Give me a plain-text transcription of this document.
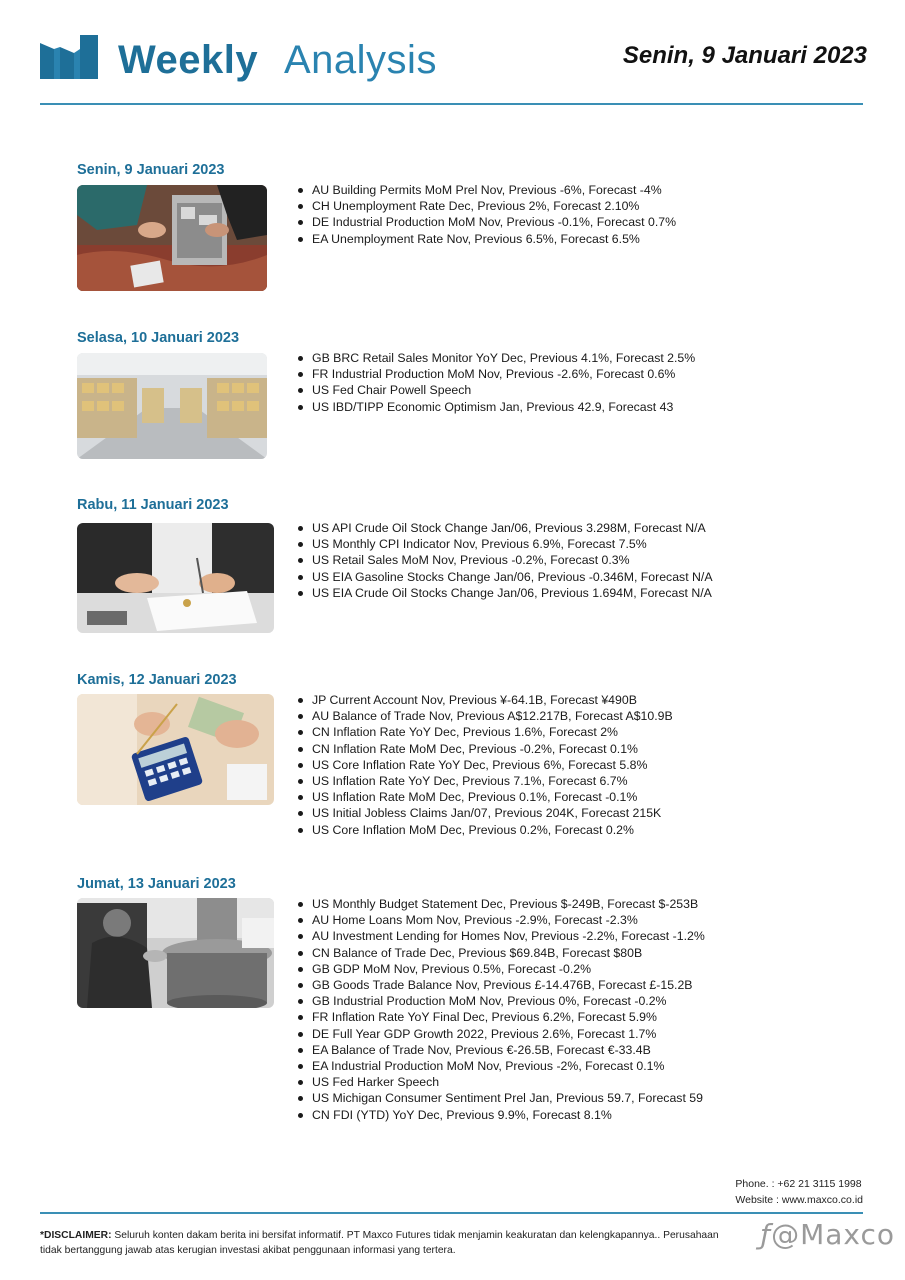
Weekly Analysis	Senin, 9 Januari 2023
Senin, 9 Januari 2023
AU Building Permits MoM Prel Nov, Previous -6%, Forecast -4%
CH Unemployment Rate Dec, Previous 2%, Forecast 2.10%
DE Industrial Production MoM Nov, Previous -0.1%, Forecast 0.7%
EA Unemployment Rate Nov, Previous 6.5%, Forecast 6.5%
Selasa, 10 Januari 2023
GB BRC Retail Sales Monitor YoY Dec, Previous 4.1%, Forecast 2.5%
FR Industrial Production MoM Nov, Previous -2.6%, Forecast 0.6%
US Fed Chair Powell Speech
US IBD/TIPP Economic Optimism Jan, Previous 42.9, Forecast 43
Rabu, 11 Januari 2023
US API Crude Oil Stock Change Jan/06, Previous 3.298M, Forecast N/A
US Monthly CPI Indicator Nov, Previous 6.9%, Forecast 7.5%
US Retail Sales MoM Nov, Previous -0.2%, Forecast 0.3%
US EIA Gasoline Stocks Change Jan/06, Previous -0.346M, Forecast N/A
US EIA Crude Oil Stocks Change Jan/06, Previous 1.694M, Forecast N/A
Kamis, 12 Januari 2023
JP Current Account Nov, Previous ¥-64.1B, Forecast ¥490B
AU Balance of Trade Nov, Previous A$12.217B, Forecast A$10.9B
CN Inflation Rate YoY Dec, Previous 1.6%, Forecast 2%
CN Inflation Rate MoM Dec, Previous -0.2%, Forecast 0.1%
US Core Inflation Rate YoY Dec, Previous 6%, Forecast 5.8%
US Inflation Rate YoY Dec, Previous 7.1%, Forecast 6.7%
US Inflation Rate MoM Dec, Previous 0.1%, Forecast -0.1%
US Initial Jobless Claims Jan/07, Previous 204K, Forecast 215K
US Core Inflation MoM Dec, Previous 0.2%, Forecast 0.2%
Jumat, 13 Januari 2023
US Monthly Budget Statement Dec, Previous $-249B, Forecast $-253B
AU Home Loans Mom Nov, Previous -2.9%, Forecast -2.3%
AU Investment Lending for Homes Nov, Previous -2.2%, Forecast -1.2%
CN Balance of Trade Dec, Previous $69.84B, Forecast $80B
GB GDP MoM Nov, Previous 0.5%, Forecast -0.2%
GB Goods Trade Balance Nov, Previous £-14.476B, Forecast £-15.2B
GB Industrial Production MoM Nov, Previous 0%, Forecast -0.2%
FR Inflation Rate YoY Final Dec, Previous 6.2%, Forecast 5.9%
DE Full Year GDP Growth 2022, Previous 2.6%, Forecast 1.7%
EA Balance of Trade Nov, Previous €-26.5B, Forecast €-33.4B
EA Industrial Production MoM Nov, Previous -2%, Forecast 0.1%
US Fed Harker Speech
US Michigan Consumer Sentiment Prel Jan, Previous 59.7, Forecast 59
CN FDI (YTD) YoY Dec, Previous 9.9%, Forecast 8.1%
Phone. : +62 21 3115 1998
Website : www.maxco.co.id
*DISCLAIMER: Seluruh konten dakam berita ini bersifat informatif. PT Maxco Futures tidak menjamin keakuratan dan kelengkapannya.. Perusahaan tidak bertanggung jawab atas kerugian investasi akibat penggunaan informasi yang tertera.	ƒ@Maxco
